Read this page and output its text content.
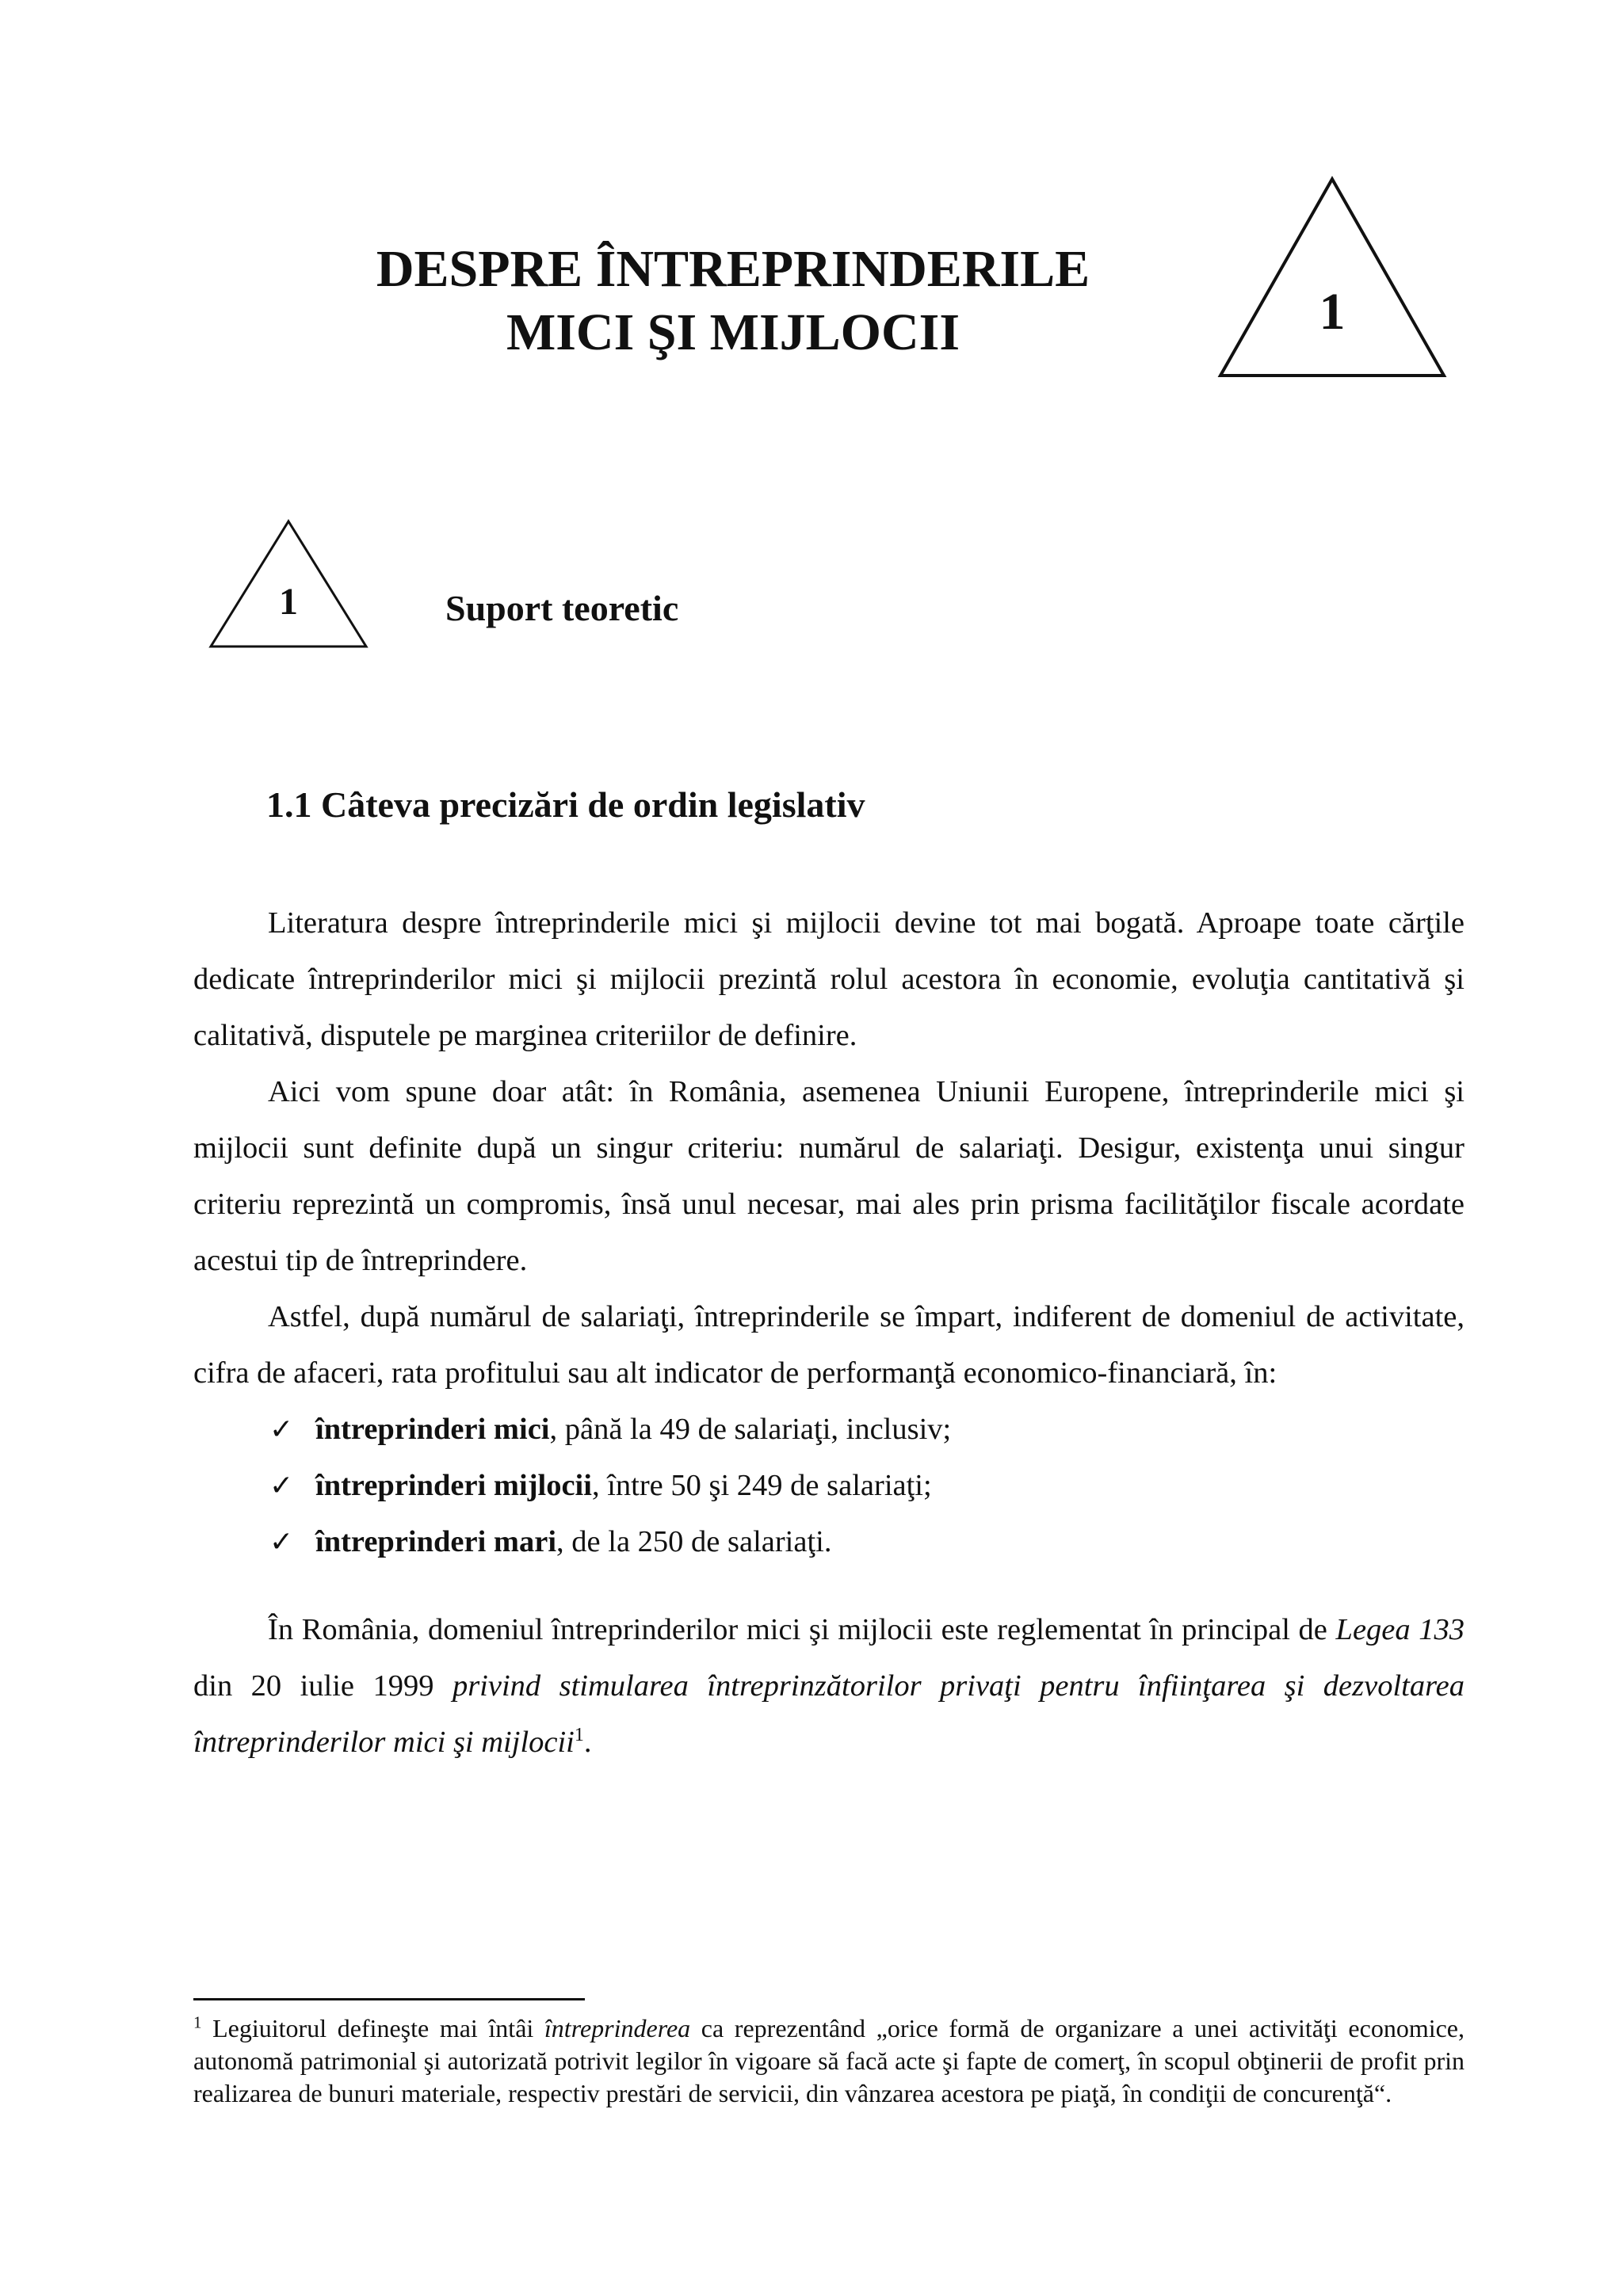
DESPRE ÎNTREPRINDERILE
MICI ŞI MIJLOCII	1
1	Suport teoretic
1.1 Câteva precizări de ordin legislativ

Literatura despre întreprinderile mici şi mijlocii devine tot mai bogată. Aproape toate cărţile dedicate întreprinderilor mici şi mijlocii prezintă rolul acestora în economie, evoluţia cantitativă şi calitativă, disputele pe marginea criteriilor de definire.

Aici vom spune doar atât: în România, asemenea Uniunii Europene, întreprinderile mici şi mijlocii sunt definite după un singur criteriu: numărul de salariaţi. Desigur, existenţa unui singur criteriu reprezintă un compromis, însă unul necesar, mai ales prin prisma facilităţilor fiscale acordate acestui tip de întreprindere.

Astfel, după numărul de salariaţi, întreprinderile se împart, indiferent de domeniul de activitate, cifra de afaceri, rata profitului sau alt indicator de performanţă economico-financiară, în:

✓ întreprinderi mici, până la 49 de salariaţi, inclusiv;
✓ întreprinderi mijlocii, între 50 şi 249 de salariaţi;
✓ întreprinderi mari, de la 250 de salariaţi.

În România, domeniul întreprinderilor mici şi mijlocii este reglementat în principal de Legea 133 din 20 iulie 1999 privind stimularea întreprinzătorilor privaţi pentru înfiinţarea şi dezvoltarea întreprinderilor mici şi mijlocii$^1$.

$^1$ Legiuitorul defineşte mai întâi întreprinderea ca reprezentând „orice formă de organizare a unei activităţi economice, autonomă patrimonial şi autorizată potrivit legilor în vigoare să facă acte şi fapte de comerţ, în scopul obţinerii de profit prin realizarea de bunuri materiale, respectiv prestări de servicii, din vânzarea acestora pe piaţă, în condiţii de concurenţă“.
